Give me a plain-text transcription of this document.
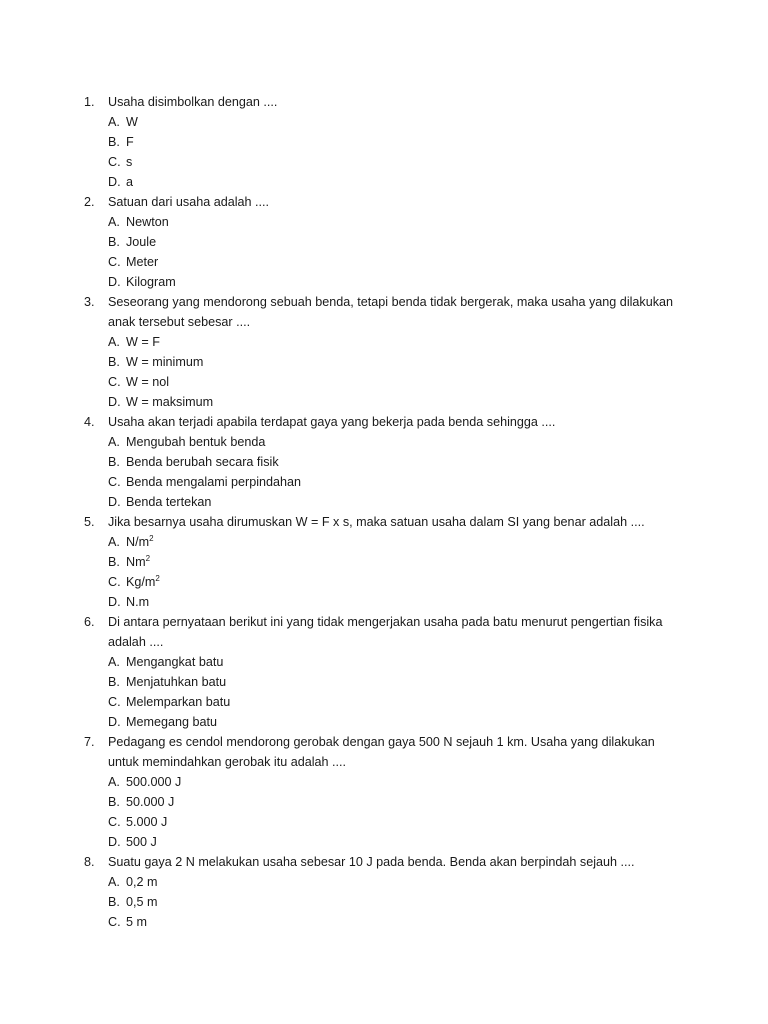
1.	Usaha disimbolkan dengan ....
A. W
B. F
C. s
D. a
2.	Satuan dari usaha adalah ....
A. Newton
B. Joule
C. Meter
D. Kilogram
3.	Seseorang yang mendorong sebuah benda, tetapi benda tidak bergerak, maka usaha yang dilakukan anak tersebut sebesar ....
A. W = F
B. W = minimum
C. W = nol
D. W = maksimum
4.	Usaha akan terjadi apabila terdapat gaya yang bekerja pada benda sehingga ....
A. Mengubah bentuk benda
B. Benda berubah secara fisik
C. Benda mengalami perpindahan
D. Benda tertekan
5.	Jika besarnya usaha dirumuskan W = F x s, maka satuan usaha dalam SI yang benar adalah ....
A. $N/m^2$
B. Nm$^2$
C. $Kg/m^2$
D. N.m
6.	Di antara pernyataan berikut ini yang tidak mengerjakan usaha pada batu menurut pengertian fisika adalah ....
A. Mengangkat batu
B. Menjatuhkan batu
C. Melemparkan batu
D. Memegang batu
7.	Pedagang es cendol mendorong gerobak dengan gaya 500 N sejauh 1 km. Usaha yang dilakukan untuk memindahkan gerobak itu adalah ....
A. 500.000 J
B. 50.000 J
C. 5.000 J
D. 500 J
8.	Suatu gaya 2 N melakukan usaha sebesar 10 J pada benda. Benda akan berpindah sejauh ....
A. 0,2 m
B. 0,5 m
C. 5 m
